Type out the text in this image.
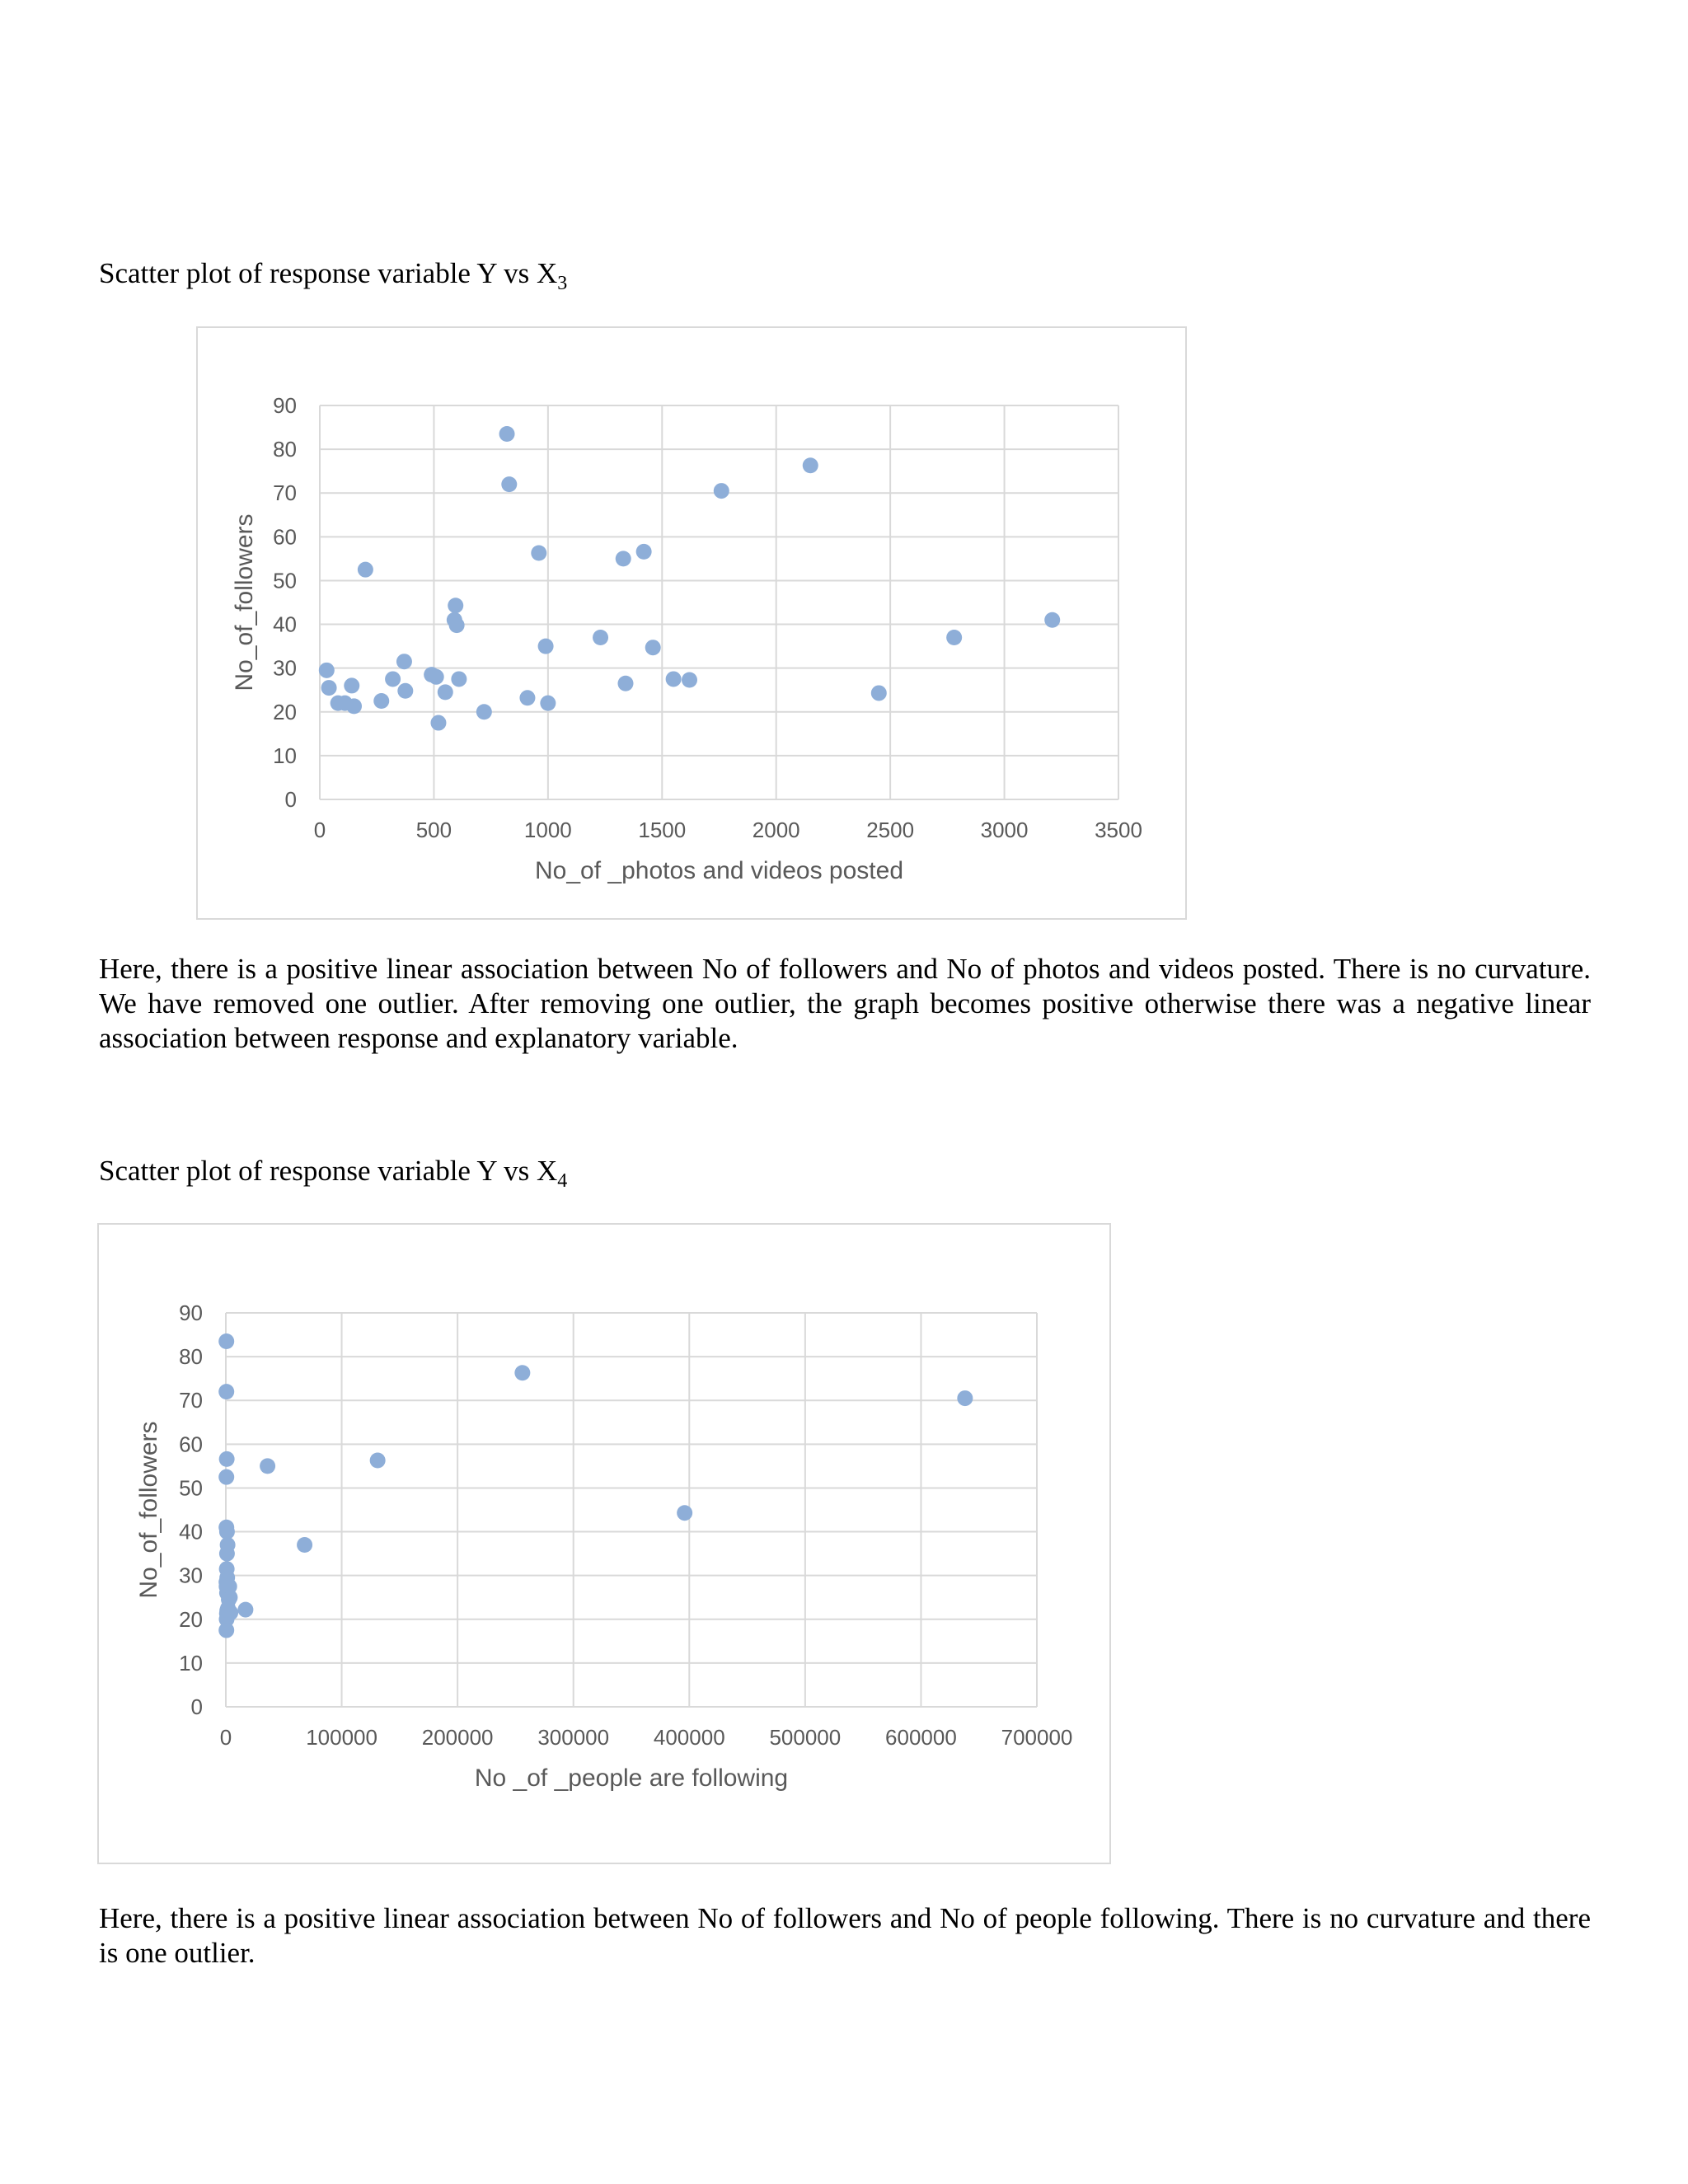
Scatter plot of response variable Y vs $X_3$
0
10
20
30
40
50
60
70
80
90
0	500	1000	1500	2000	2500	3000	3500
No_of _photos and videos posted
No_of_followers

Here, there is a positive linear association between No of followers and No of photos and videos posted. There is no curvature. We have removed one outlier. After removing one outlier, the graph becomes positive otherwise there was a negative linear association between response and explanatory variable.

Scatter plot of response variable Y vs $X_4$
0
10
20
30
40
50
60
70
80
90
0	100000 200000 300000 400000 500000 600000 700000
No _of _people are following
No_of_followers

Here, there is a positive linear association between No of followers and No of people following. There is no curvature and there is one outlier.
